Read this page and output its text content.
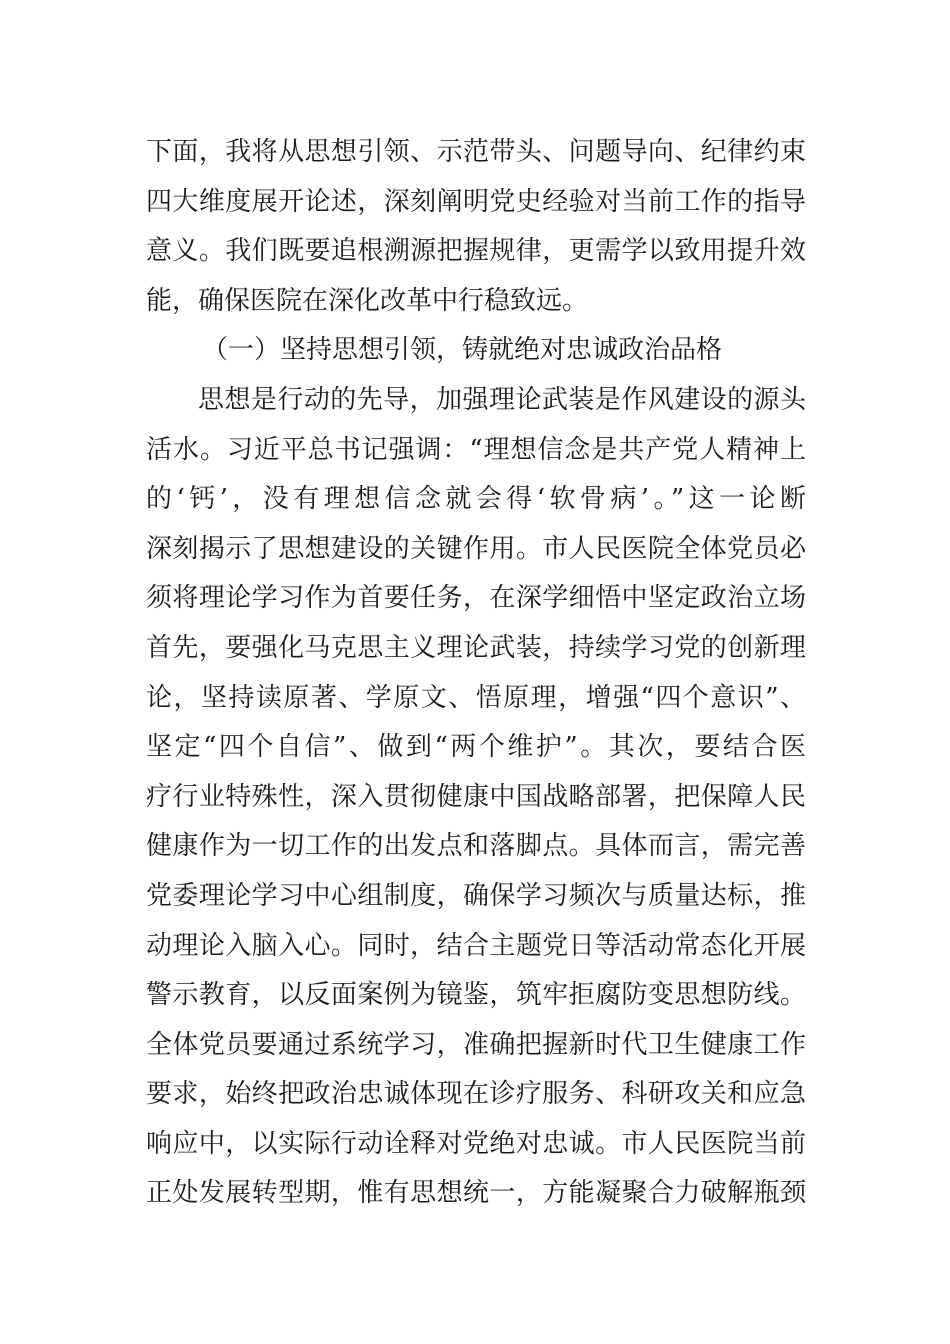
下面，我将从思想引领、示范带头、问题导向、纪律约束
四大维度展开论述，深刻阐明党史经验对当前工作的指导
意义。我们既要追根溯源把握规律，更需学以致用提升效
能，确保医院在深化改革中行稳致远。
（一）坚持思想引领，铸就绝对忠诚政治品格
思想是行动的先导，加强理论武装是作风建设的源头
活水。习近平总书记强调：“理想信念是共产党人精神上
的‘钙’，没有理想信念就会得‘软骨病’。”这一论断
深刻揭示了思想建设的关键作用。市人民医院全体党员必
须将理论学习作为首要任务，在深学细悟中坚定政治立场
首先，要强化马克思主义理论武装，持续学习党的创新理
论，坚持读原著、学原文、悟原理，增强“四个意识”、
坚定“四个自信”、做到“两个维护”。其次，要结合医
疗行业特殊性，深入贯彻健康中国战略部署，把保障人民
健康作为一切工作的出发点和落脚点。具体而言，需完善
党委理论学习中心组制度，确保学习频次与质量达标，推
动理论入脑入心。同时，结合主题党日等活动常态化开展
警示教育，以反面案例为镜鉴，筑牢拒腐防变思想防线。
全体党员要通过系统学习，准确把握新时代卫生健康工作
要求，始终把政治忠诚体现在诊疗服务、科研攻关和应急
响应中，以实际行动诠释对党绝对忠诚。市人民医院当前
正处发展转型期，惟有思想统一，方能凝聚合力破解瓶颈
